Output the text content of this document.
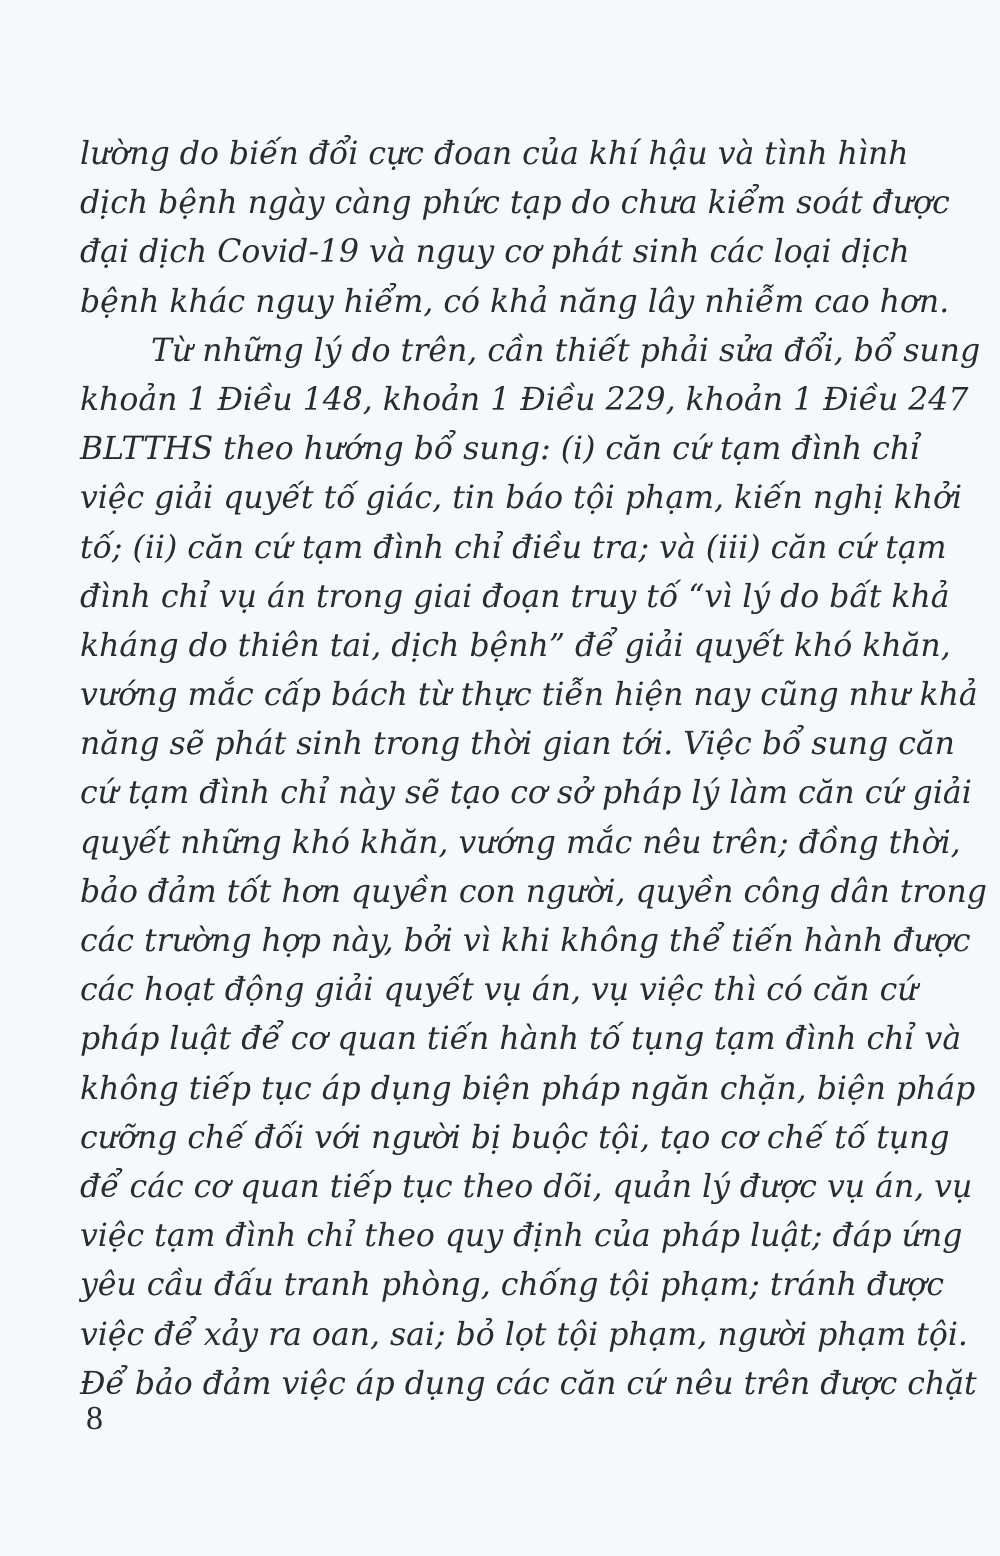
lường do biến đổi cực đoan của khí hậu và tình hình
dịch bệnh ngày càng phức tạp do chưa kiểm soát được
đại dịch Covid-19 và nguy cơ phát sinh các loại dịch
bệnh khác nguy hiểm, có khả năng lây nhiễm cao hơn.
Từ những lý do trên, cần thiết phải sửa đổi, bổ sung
khoản 1 Điều 148, khoản 1 Điều 229, khoản 1 Điều 247
BLTTHS theo hướng bổ sung: (i) căn cứ tạm đình chỉ
việc giải quyết tố giác, tin báo tội phạm, kiến nghị khởi
tố; (ii) căn cứ tạm đình chỉ điều tra; và (iii) căn cứ tạm
đình chỉ vụ án trong giai đoạn truy tố “vì lý do bất khả
kháng do thiên tai, dịch bệnh” để giải quyết khó khăn,
vướng mắc cấp bách từ thực tiễn hiện nay cũng như khả
năng sẽ phát sinh trong thời gian tới. Việc bổ sung căn
cứ tạm đình chỉ này sẽ tạo cơ sở pháp lý làm căn cứ giải
quyết những khó khăn, vướng mắc nêu trên; đồng thời,
bảo đảm tốt hơn quyền con người, quyền công dân trong
các trường hợp này, bởi vì khi không thể tiến hành được
các hoạt động giải quyết vụ án, vụ việc thì có căn cứ
pháp luật để cơ quan tiến hành tố tụng tạm đình chỉ và
không tiếp tục áp dụng biện pháp ngăn chặn, biện pháp
cưỡng chế đối với người bị buộc tội, tạo cơ chế tố tụng
để các cơ quan tiếp tục theo dõi, quản lý được vụ án, vụ
việc tạm đình chỉ theo quy định của pháp luật; đáp ứng
yêu cầu đấu tranh phòng, chống tội phạm; tránh được
việc để xảy ra oan, sai; bỏ lọt tội phạm, người phạm tội.
Để bảo đảm việc áp dụng các căn cứ nêu trên được chặt
8
